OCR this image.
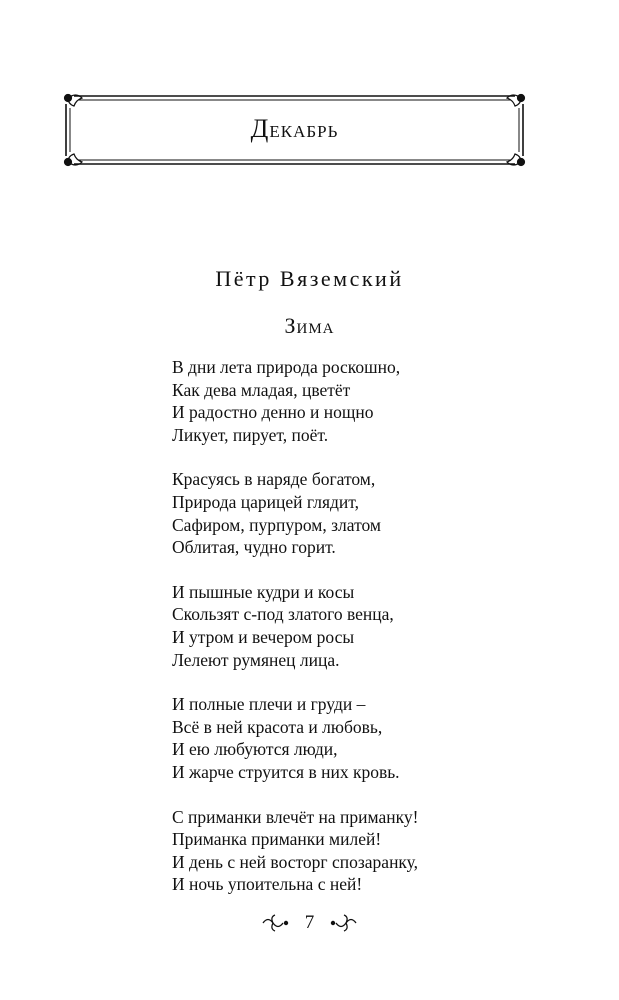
Декабрь
Пётр Вяземский
Зима
В дни лета природа роскошно,
Как дева младая, цветёт
И радостно денно и нощно
Ликует, пирует, поёт.
Красуясь в наряде богатом,
Природа царицей глядит,
Сафиром, пурпуром, златом
Облитая, чудно горит.
И пышные кудри и косы
Скользят с-под златого венца,
И утром и вечером росы
Лелеют румянец лица.
И полные плечи и груди –
Всё в ней красота и любовь,
И ею любуются люди,
И жарче струится в них кровь.
С приманки влечёт на приманку!
Приманка приманки милей!
И день с ней восторг спозаранку,
И ночь упоительна с ней!
7
